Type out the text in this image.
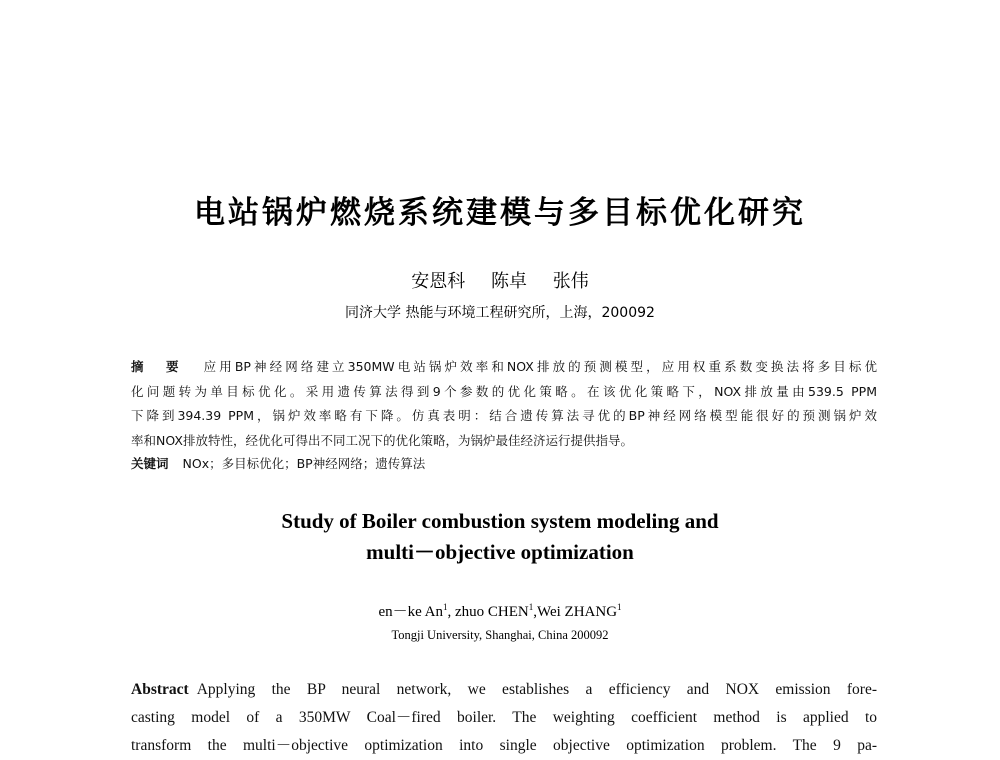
电站锅炉燃烧系统建模与多目标优化研究
安恩科 陈卓 张伟
同济大学 热能与环境工程研究所，上海，200092
摘 要 应用BP神经网络建立350MW电站锅炉效率和NOX排放的预测模型，应用权重系数变换法将多目标优
化问题转为单目标优化。采用遗传算法得到9个参数的优化策略。在该优化策略下，NOX排放量由539.5 PPM
下降到394.39 PPM，锅炉效率略有下降。仿真表明：结合遗传算法寻优的BP神经网络模型能很好的预测锅炉效
率和NOX排放特性，经优化可得出不同工况下的优化策略，为锅炉最佳经济运行提供指导。
关键词 NOx；多目标优化；BP神经网络；遗传算法
Study of Boiler combustion system modeling and
multi－objective optimization
en－ke An$^1$, zhuo CHEN$^1$,Wei ZHANG$^1$
Tongji University, Shanghai, China 200092
Abstract Applying the BP neural network, we establishes a efficiency and NOX emission fore-
casting model of a 350MW Coal－fired boiler. The weighting coefficient method is applied to
transform the multi－objective optimization into single objective optimization problem. The 9 pa-
